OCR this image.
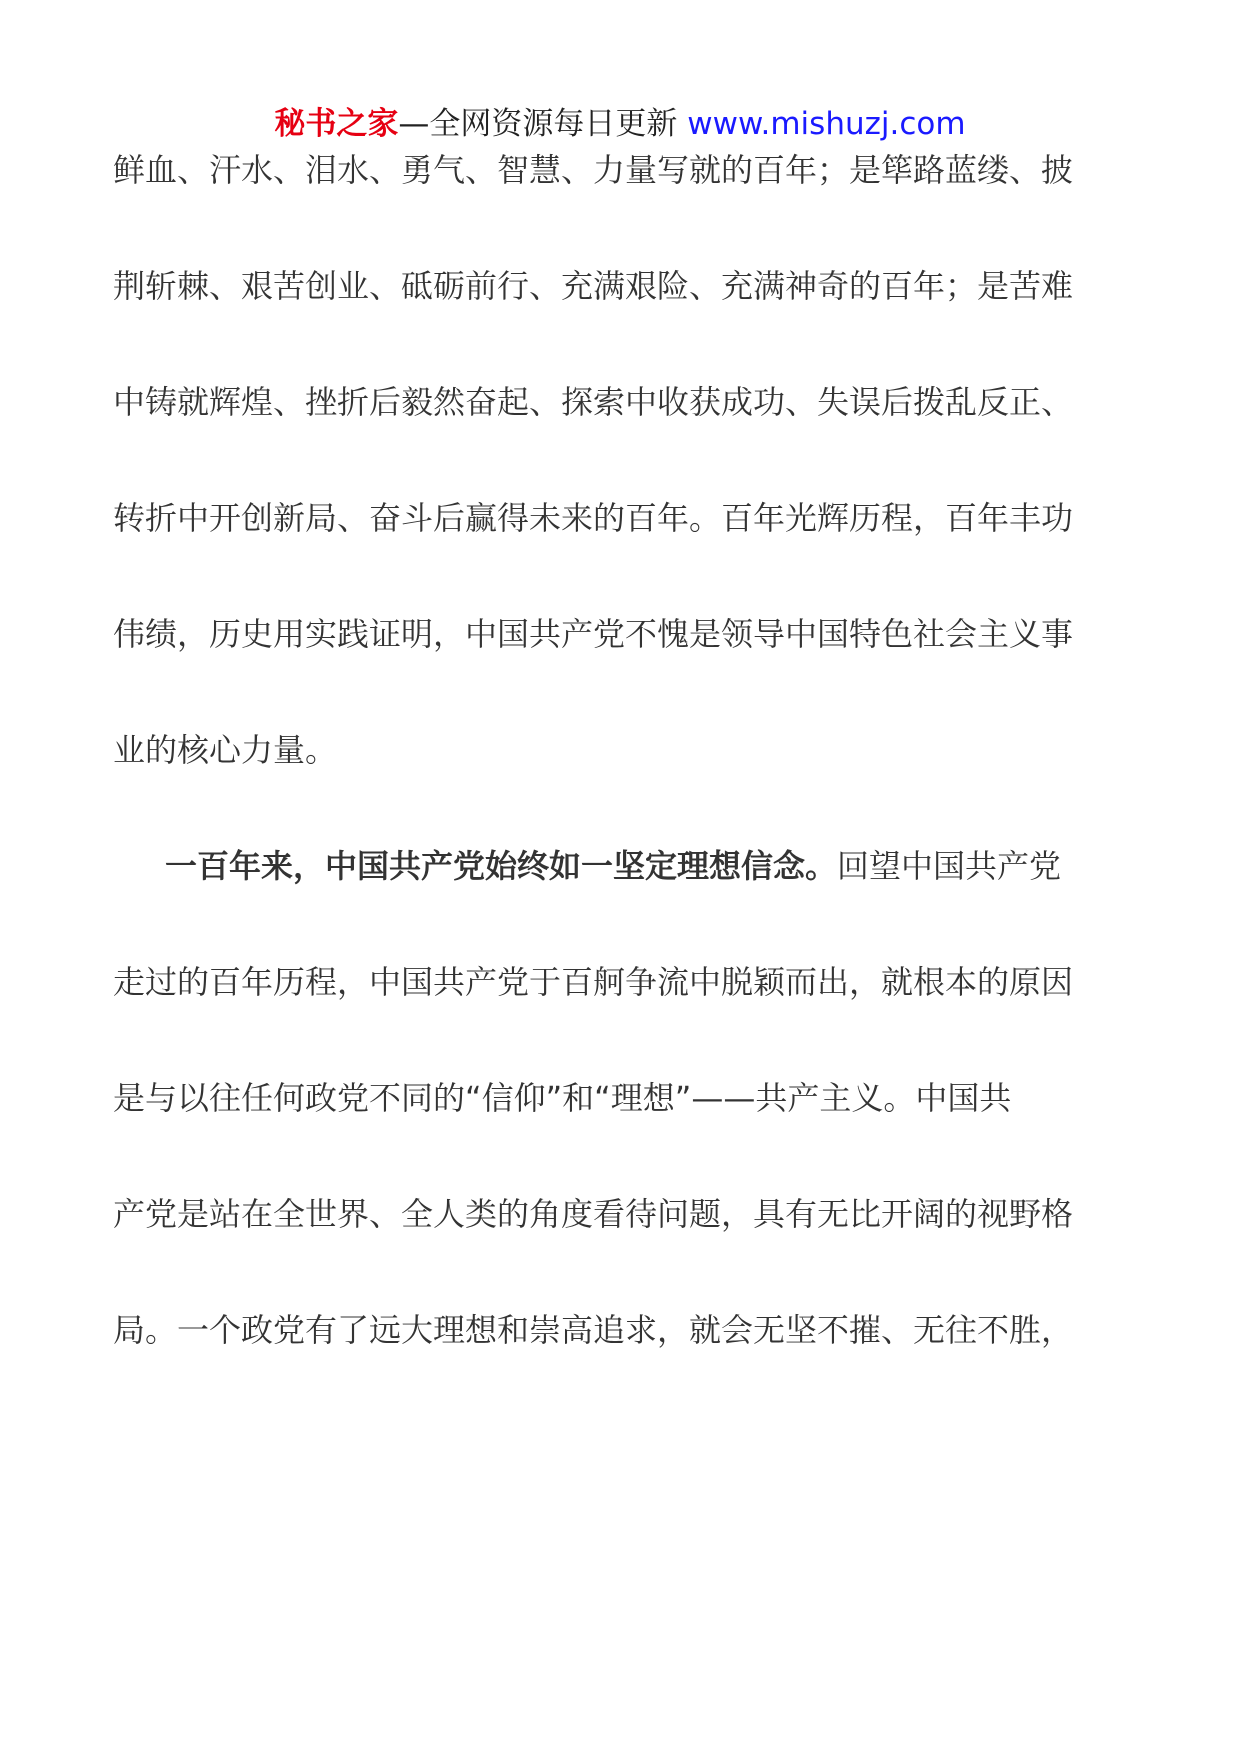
秘书之家—全网资源每日更新 www.mishuzj.com
鲜血、汗水、泪水、勇气、智慧、力量写就的百年；是筚路蓝缕、披
荆斩棘、艰苦创业、砥砺前行、充满艰险、充满神奇的百年；是苦难
中铸就辉煌、挫折后毅然奋起、探索中收获成功、失误后拨乱反正、
转折中开创新局、奋斗后赢得未来的百年。百年光辉历程，百年丰功
伟绩，历史用实践证明，中国共产党不愧是领导中国特色社会主义事
业的核心力量。
一百年来，中国共产党始终如一坚定理想信念。回望中国共产党
走过的百年历程，中国共产党于百舸争流中脱颖而出，就根本的原因
是与以往任何政党不同的“信仰”和“理想”——共产主义。中国共
产党是站在全世界、全人类的角度看待问题，具有无比开阔的视野格
局。一个政党有了远大理想和崇高追求，就会无坚不摧、无往不胜，
